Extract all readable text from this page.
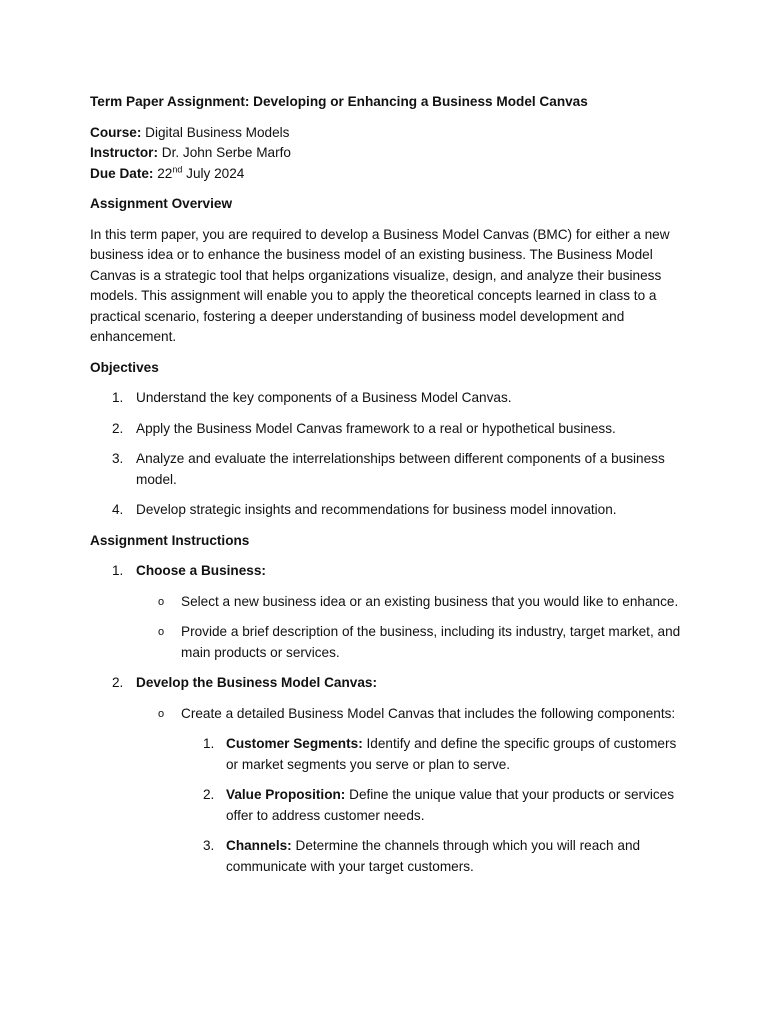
Term Paper Assignment: Developing or Enhancing a Business Model Canvas

Course: Digital Business Models
Instructor: Dr. John Serbe Marfo
Due Date: 22nd July 2024

Assignment Overview

In this term paper, you are required to develop a Business Model Canvas (BMC) for either a new business idea or to enhance the business model of an existing business. The Business Model Canvas is a strategic tool that helps organizations visualize, design, and analyze their business models. This assignment will enable you to apply the theoretical concepts learned in class to a practical scenario, fostering a deeper understanding of business model development and enhancement.

Objectives

1. Understand the key components of a Business Model Canvas.
2. Apply the Business Model Canvas framework to a real or hypothetical business.
3. Analyze and evaluate the interrelationships between different components of a business model.
4. Develop strategic insights and recommendations for business model innovation.

Assignment Instructions

1. Choose a Business:
o Select a new business idea or an existing business that you would like to enhance.
o Provide a brief description of the business, including its industry, target market, and main products or services.
2. Develop the Business Model Canvas:
o Create a detailed Business Model Canvas that includes the following components:
1. Customer Segments: Identify and define the specific groups of customers or market segments you serve or plan to serve.
2. Value Proposition: Define the unique value that your products or services offer to address customer needs.
3. Channels: Determine the channels through which you will reach and communicate with your target customers.
